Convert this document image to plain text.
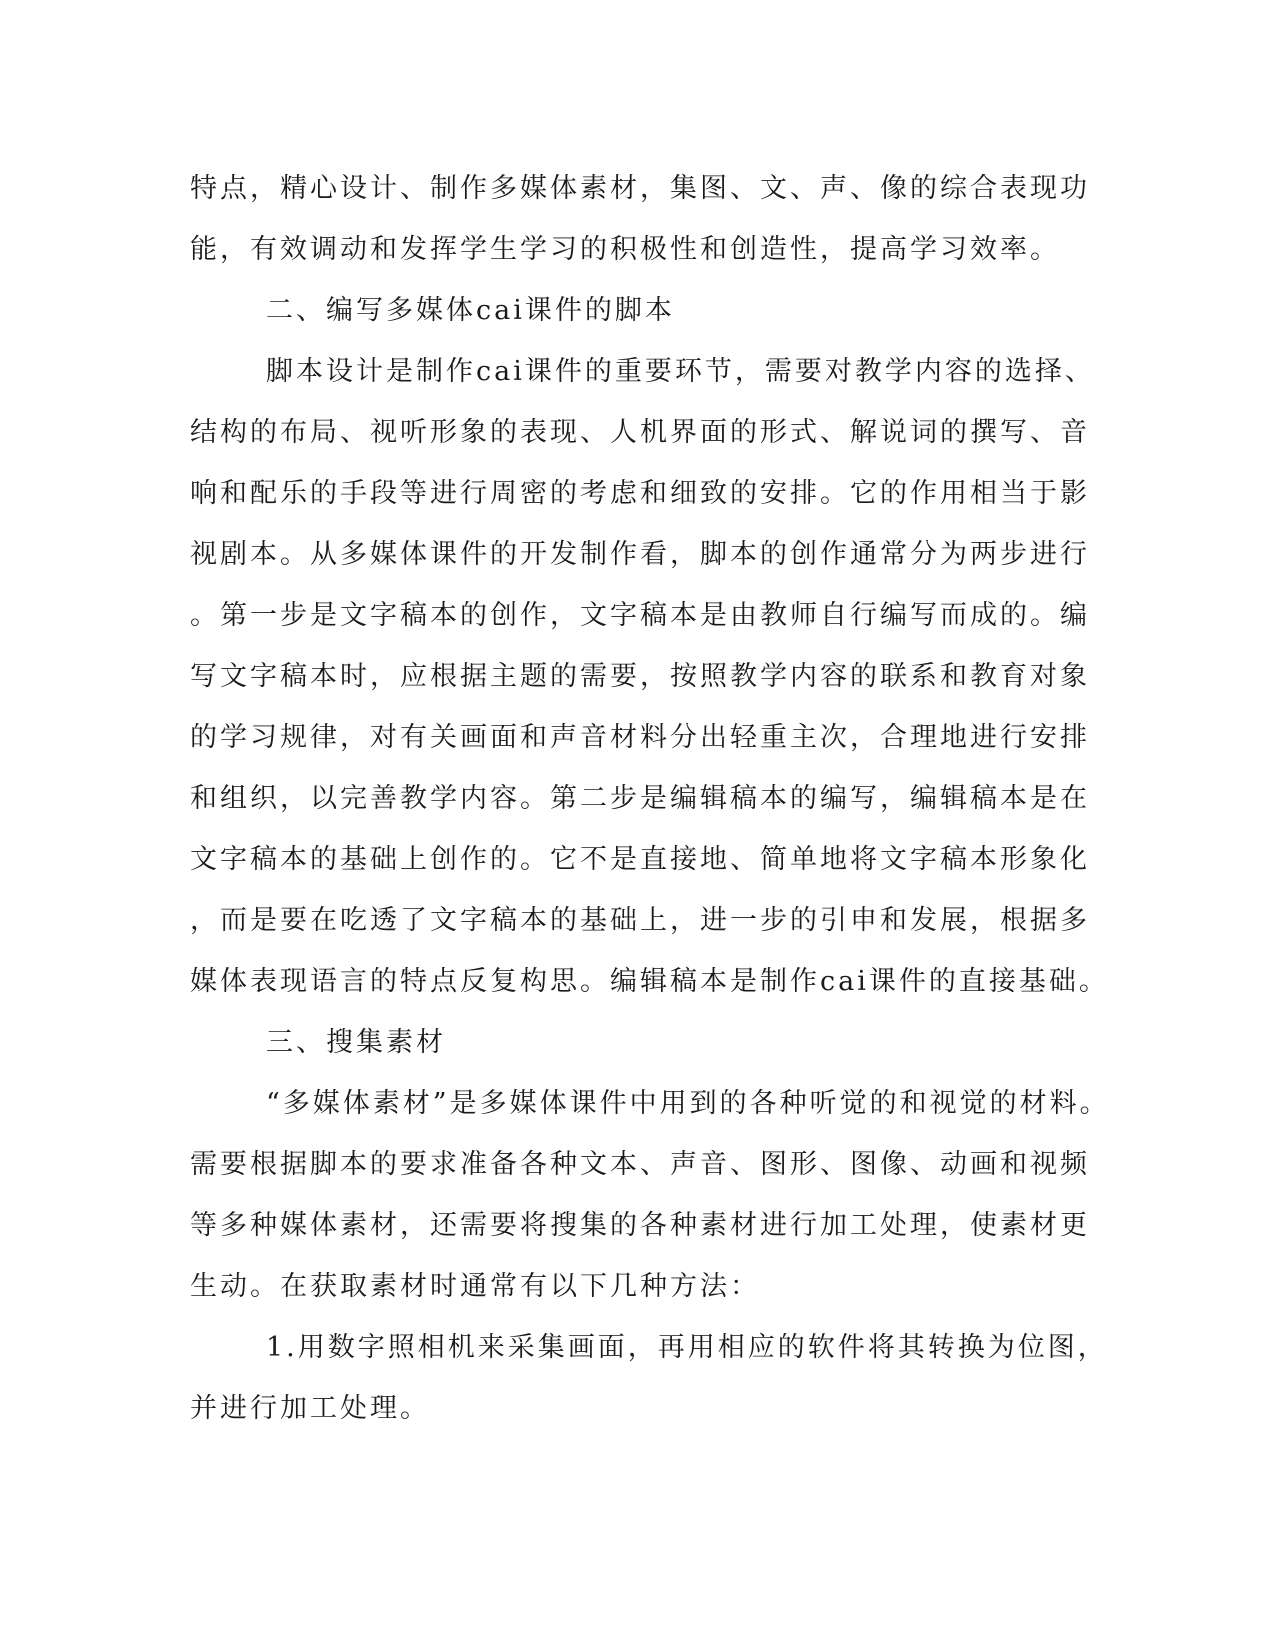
特点，精心设计、制作多媒体素材，集图、文、声、像的综合表现功
能，有效调动和发挥学生学习的积极性和创造性，提高学习效率。
二、编写多媒体cai课件的脚本
脚本设计是制作cai课件的重要环节，需要对教学内容的选择、
结构的布局、视听形象的表现、人机界面的形式、解说词的撰写、音
响和配乐的手段等进行周密的考虑和细致的安排。它的作用相当于影
视剧本。从多媒体课件的开发制作看，脚本的创作通常分为两步进行
。第一步是文字稿本的创作，文字稿本是由教师自行编写而成的。编
写文字稿本时，应根据主题的需要，按照教学内容的联系和教育对象
的学习规律，对有关画面和声音材料分出轻重主次，合理地进行安排
和组织，以完善教学内容。第二步是编辑稿本的编写，编辑稿本是在
文字稿本的基础上创作的。它不是直接地、简单地将文字稿本形象化
，而是要在吃透了文字稿本的基础上，进一步的引申和发展，根据多
媒体表现语言的特点反复构思。编辑稿本是制作cai课件的直接基础。
三、搜集素材
“多媒体素材”是多媒体课件中用到的各种听觉的和视觉的材料。
需要根据脚本的要求准备各种文本、声音、图形、图像、动画和视频
等多种媒体素材，还需要将搜集的各种素材进行加工处理，使素材更
生动。在获取素材时通常有以下几种方法：
1.用数字照相机来采集画面，再用相应的软件将其转换为位图，
并进行加工处理。
